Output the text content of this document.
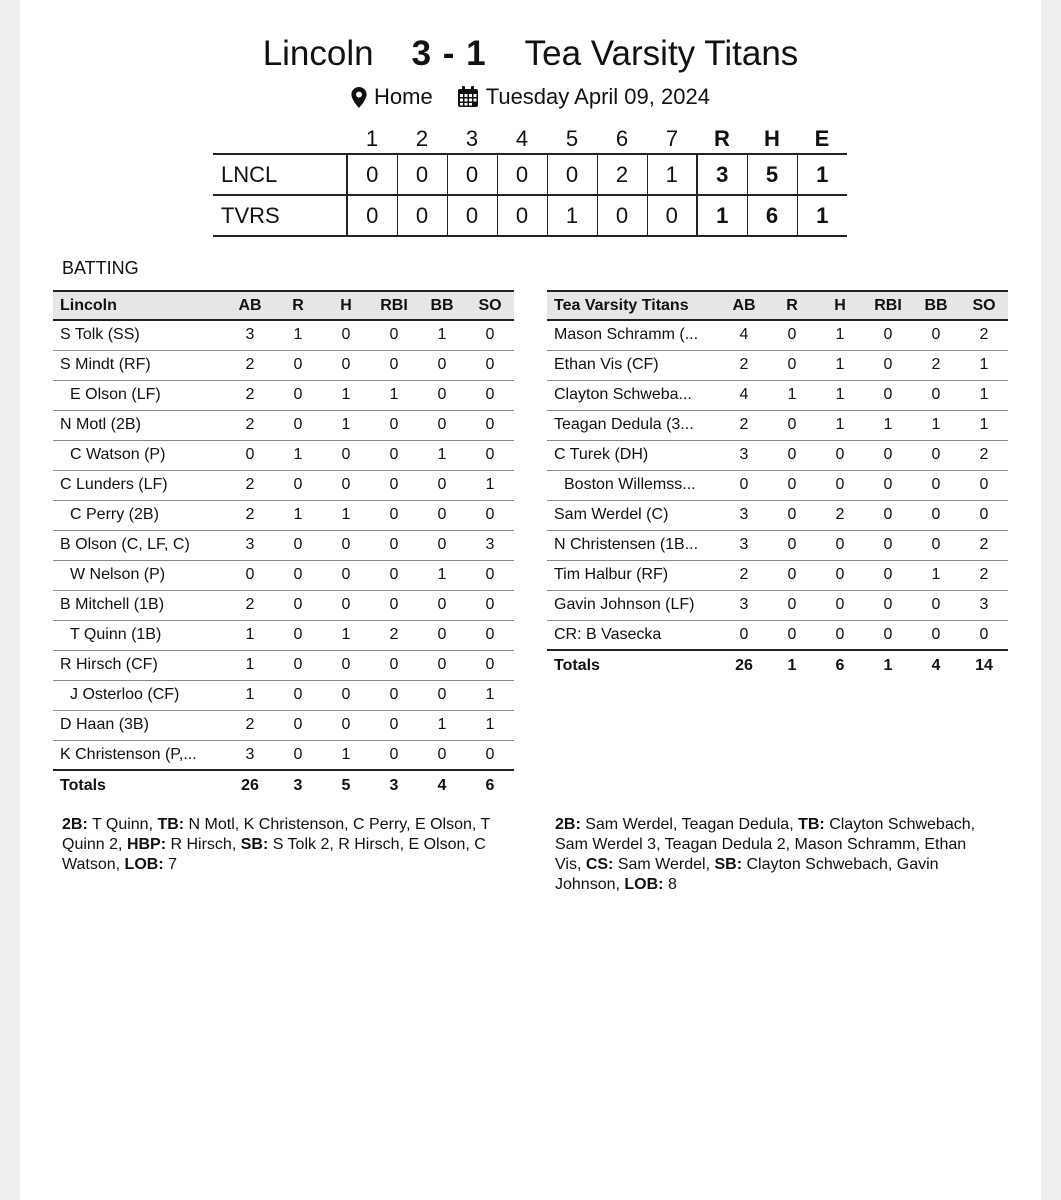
Lincoln 3 - 1 Tea Varsity Titans
Home Tuesday April 09, 2024
	1	2	3	4	5	6	7	R	H	E
LNCL	0	0	0	0	0	2	1	3	5	1
TVRS	0	0	0	0	1	0	0	1	6	1
BATTING
Lincoln	AB	R	H	RBI	BB	SO
S Tolk (SS)	3	1	0	0	1	0
S Mindt (RF)	2	0	0	0	0	0
E Olson (LF)	2	0	1	1	0	0
N Motl (2B)	2	0	1	0	0	0
C Watson (P)	0	1	0	0	1	0
C Lunders (LF)	2	0	0	0	0	1
C Perry (2B)	2	1	1	0	0	0
B Olson (C, LF, C)	3	0	0	0	0	3
W Nelson (P)	0	0	0	0	1	0
B Mitchell (1B)	2	0	0	0	0	0
T Quinn (1B)	1	0	1	2	0	0
R Hirsch (CF)	1	0	0	0	0	0
J Osterloo (CF)	1	0	0	0	0	1
D Haan (3B)	2	0	0	0	1	1
K Christenson (P,...	3	0	1	0	0	0
Totals	26	3	5	3	4	6
Tea Varsity Titans	AB	R	H	RBI	BB	SO
Mason Schramm (...	4	0	1	0	0	2
Ethan Vis (CF)	2	0	1	0	2	1
Clayton Schweba...	4	1	1	0	0	1
Teagan Dedula (3...	2	0	1	1	1	1
C Turek (DH)	3	0	0	0	0	2
Boston Willemss...	0	0	0	0	0	0
Sam Werdel (C)	3	0	2	0	0	0
N Christensen (1B...	3	0	0	0	0	2
Tim Halbur (RF)	2	0	0	0	1	2
Gavin Johnson (LF)	3	0	0	0	0	3
CR: B Vasecka	0	0	0	0	0	0
Totals	26	1	6	1	4	14
2B: T Quinn, TB: N Motl, K Christenson, C Perry, E Olson, T Quinn 2, HBP: R Hirsch, SB: S Tolk 2, R Hirsch, E Olson, C Watson, LOB: 7
2B: Sam Werdel, Teagan Dedula, TB: Clayton Schwebach, Sam Werdel 3, Teagan Dedula 2, Mason Schramm, Ethan Vis, CS: Sam Werdel, SB: Clayton Schwebach, Gavin Johnson, LOB: 8
